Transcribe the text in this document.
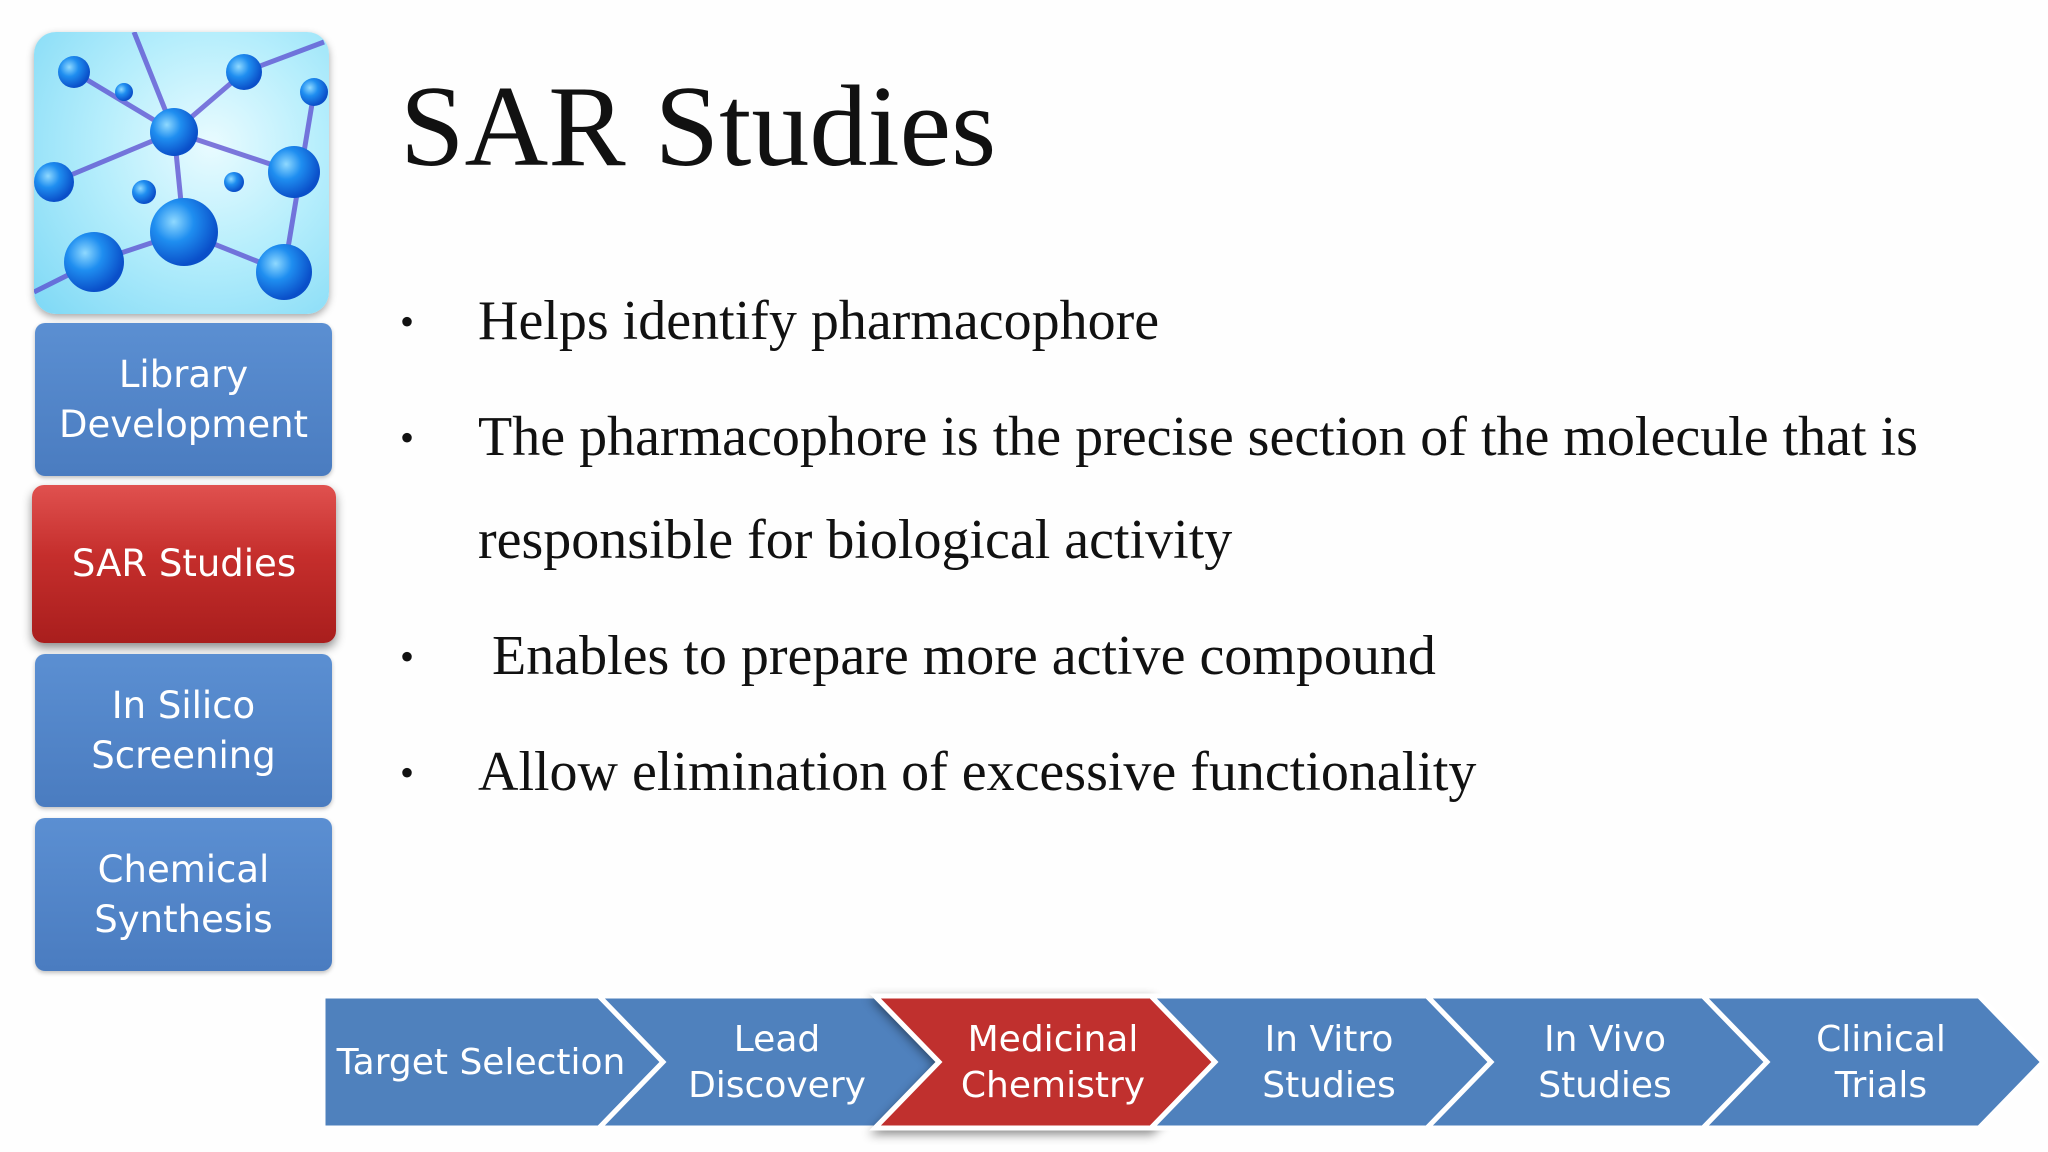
Library
Development
SAR Studies
In Silico
Screening
Chemical
Synthesis
SAR Studies
• Helps identify pharmacophore
• The pharmacophore is the precise section of the molecule that is responsible for biological activity
• Enables to prepare more active compound
• Allow elimination of excessive functionality
Target Selection
Lead
Discovery
Medicinal
Chemistry
In Vitro
Studies
In Vivo
Studies
Clinical
Trials
